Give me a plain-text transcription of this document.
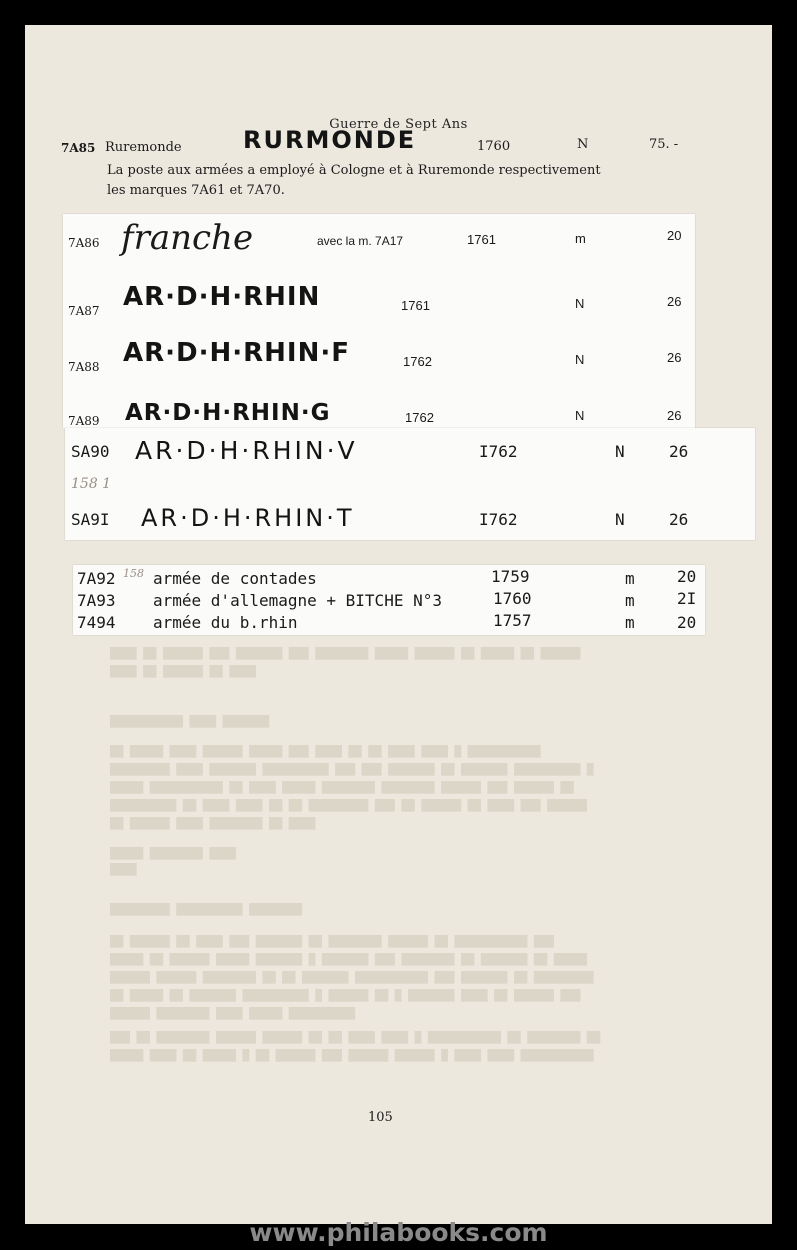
████ ██ ██████ ███ ███████ ███ ████████ █████ ██████ ██ █████ ██ ██████
████ ██ ██████ ██ ████
███████████ ████ ███████
██ █████ ████ ██████ █████ ███ ████ ██ ██ ████ ████ █ ███████████
█████████ ████ ███████ ██████████ ███ ███ ███████ ██ ███████ ██████████ █
█████ ███████████ ██ ████ █████ ████████ ████████ ██████ ███ ██████ ██
██████████ ██ ████ ████ ██ ██ █████████ ███ ██ ██████ ██ ████ ███ ██████
██ ██████ ████ ████████ ██ ████
█████ ████████ ████
████
█████████ ██████████ ████████
██ ██████ ██ ████ ███ ███████ ██ ████████ ██████ ██ ███████████ ███
█████ ██ ██████ █████ ███████ █ ███████ ███ ████████ ██ ███████ ██ █████
██████ ██████ ████████ ██ ██ ███████ ███████████ ███ ███████ ██ █████████
██ █████ ██ ███████ ██████████ █ ██████ ██ █ ███████ ████ ██ ██████ ███
██████ ████████ ████ █████ ██████████
███ ██ ████████ ██████ ██████ ██ ██ ████ ████ █ ███████████ ██ ████████ ██
█████ ████ ██ █████ █ ██ ██████ ███ ██████ ██████ █ ████ ████ ███████████
Guerre de Sept Ans
7A85 Ruremonde	RURMONDE	1760	N	75. -
La poste aux armées a employé à Cologne et à Ruremonde respectivement
les marques 7A61 et 7A70.
7A86 franche	avec la m. 7A17	1761	m	20
7A87 AR·D·H·RHIN	1761	N	26
7A88 AR·D·H·RHIN·F	1762	N	26
7A89 AR·D·H·RHIN·G	1762	N	26
SA90 AR·D·H·RHIN·V	I762	N	26
158 1
SA9I AR·D·H·RHIN·T	I762	N	26
7A92 158 armée de contades	1759	m	20
7A93 armée d'allemagne + BITCHE N°3	1760	m	2I
7494 armée du b.rhin	1757	m	20
105
www.philabooks.com
